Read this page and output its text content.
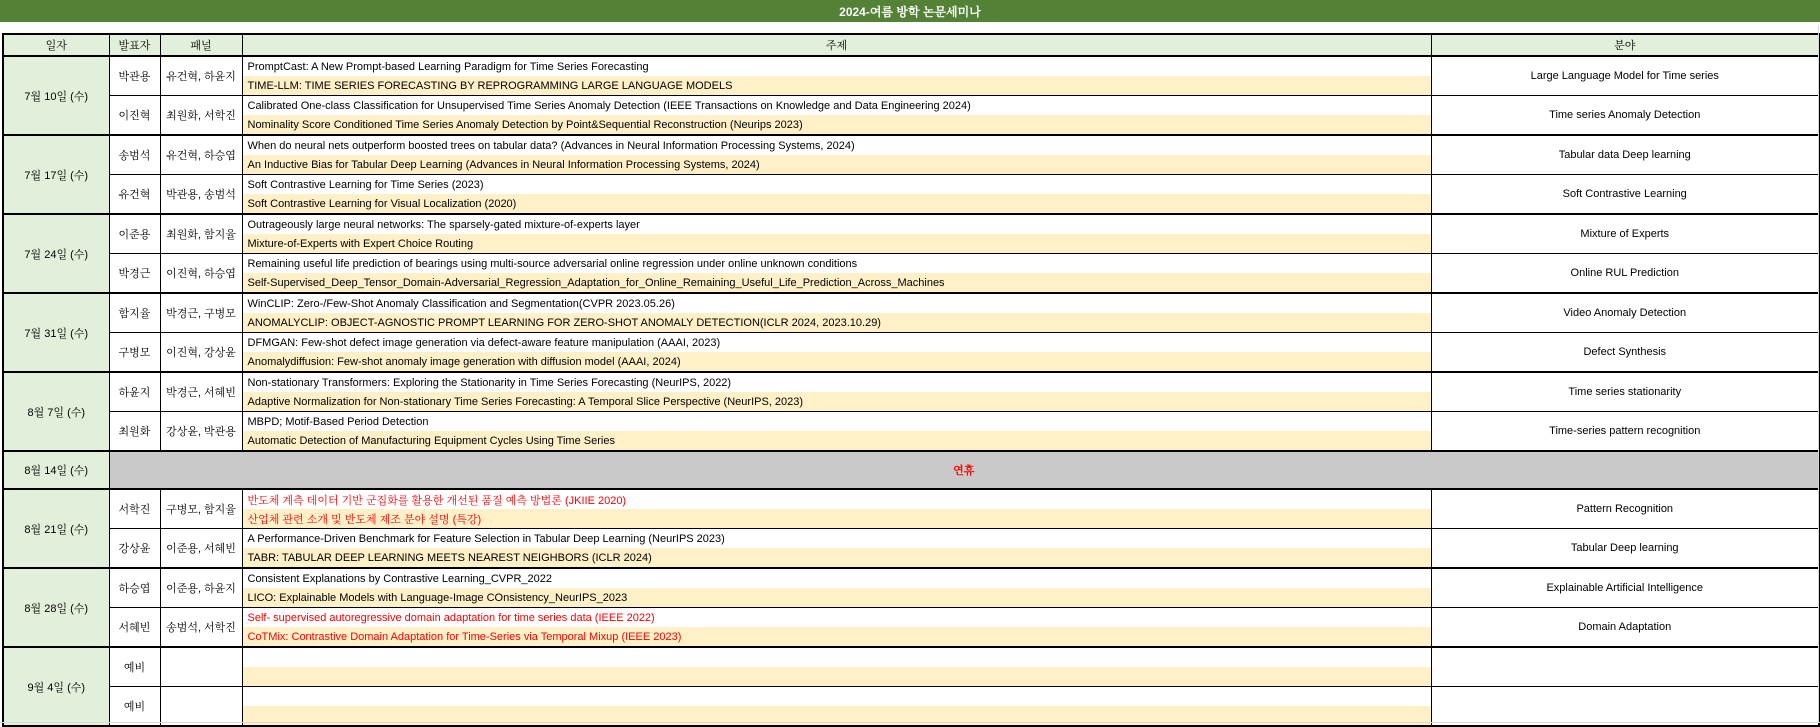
2024-여름 방학 논문세미나
일자	발표자	패널	주제	분야
7월 10일 (수)	박관용	유건혁, 하윤지	PromptCast: A New Prompt-based Learning Paradigm for Time Series Forecasting	Large Language Model for Time series
			TIME-LLM: TIME SERIES FORECASTING BY REPROGRAMMING LARGE LANGUAGE MODELS	
	이진혁	최원화, 서학진	Calibrated One-class Classification for Unsupervised Time Series Anomaly Detection (IEEE Transactions on Knowledge and Data Engineering 2024)	Time series Anomaly Detection
			Nominality Score Conditioned Time Series Anomaly Detection by Point&Sequential Reconstruction (Neurips 2023)	
7월 17일 (수)	송범석	유건혁, 하승엽	When do neural nets outperform boosted trees on tabular data? (Advances in Neural Information Processing Systems, 2024)	Tabular data Deep learning
			An Inductive Bias for Tabular Deep Learning (Advances in Neural Information Processing Systems, 2024)	
	유건혁	박관용, 송범석	Soft Contrastive Learning for Time Series (2023)	Soft Contrastive Learning
			Soft Contrastive Learning for Visual Localization (2020)	
7월 24일 (수)	이준용	최원화, 함지율	Outrageously large neural networks: The sparsely-gated mixture-of-experts layer	Mixture of Experts
			Mixture-of-Experts with Expert Choice Routing	
	박경근	이진혁, 하승엽	Remaining useful life prediction of bearings using multi-source adversarial online regression under online unknown conditions	Online RUL Prediction
			Self-Supervised_Deep_Tensor_Domain-Adversarial_Regression_Adaptation_for_Online_Remaining_Useful_Life_Prediction_Across_Machines	
7월 31일 (수)	함지율	박경근, 구병모	WinCLIP: Zero-/Few-Shot Anomaly Classification and Segmentation(CVPR 2023.05.26)	Video Anomaly Detection
			ANOMALYCLIP: OBJECT-AGNOSTIC PROMPT LEARNING FOR ZERO-SHOT ANOMALY DETECTION(ICLR 2024, 2023.10.29)	
	구병모	이진혁, 강상윤	DFMGAN: Few-shot defect image generation via defect-aware feature manipulation (AAAI, 2023)	Defect Synthesis
			Anomalydiffusion: Few-shot anomaly image generation with diffusion model (AAAI, 2024)	
8월 7일 (수)	하윤지	박경근, 서혜빈	Non-stationary Transformers: Exploring the Stationarity in Time Series Forecasting (NeurIPS, 2022)	Time series stationarity
			Adaptive Normalization for Non-stationary Time Series Forecasting: A Temporal Slice Perspective (NeurIPS, 2023)	
	최원화	강상윤, 박관용	MBPD; Motif-Based Period Detection	Time-series pattern recognition
			Automatic Detection of Manufacturing Equipment Cycles Using Time Series	
8월 14일 (수)	연휴			
8월 21일 (수)	서학진	구병모, 함지율	반도체 계측 데이터 기반 군집화를 활용한 개선된 품질 예측 방법론 (JKIIE 2020)	Pattern Recognition
			산업체 관련 소개 및 반도체 제조 분야 설명 (특강)	
	강상윤	이준용, 서혜빈	A Performance-Driven Benchmark for Feature Selection in Tabular Deep Learning (NeurIPS 2023)	Tabular Deep learning
			TABR: TABULAR DEEP LEARNING MEETS NEAREST NEIGHBORS (ICLR 2024)	
8월 28일 (수)	하승엽	이준용, 하윤지	Consistent Explanations by Contrastive Learning_CVPR_2022	Explainable Artificial Intelligence
			LICO: Explainable Models with Language-Image COnsistency_NeurIPS_2023	
	서혜빈	송범석, 서학진	Self- supervised autoregressive domain adaptation for time series data (IEEE 2022)	Domain Adaptation
			CoTMix: Contrastive Domain Adaptation for Time-Series via Temporal Mixup (IEEE 2023)	
9월 4일 (수)	예비			

	예비			
